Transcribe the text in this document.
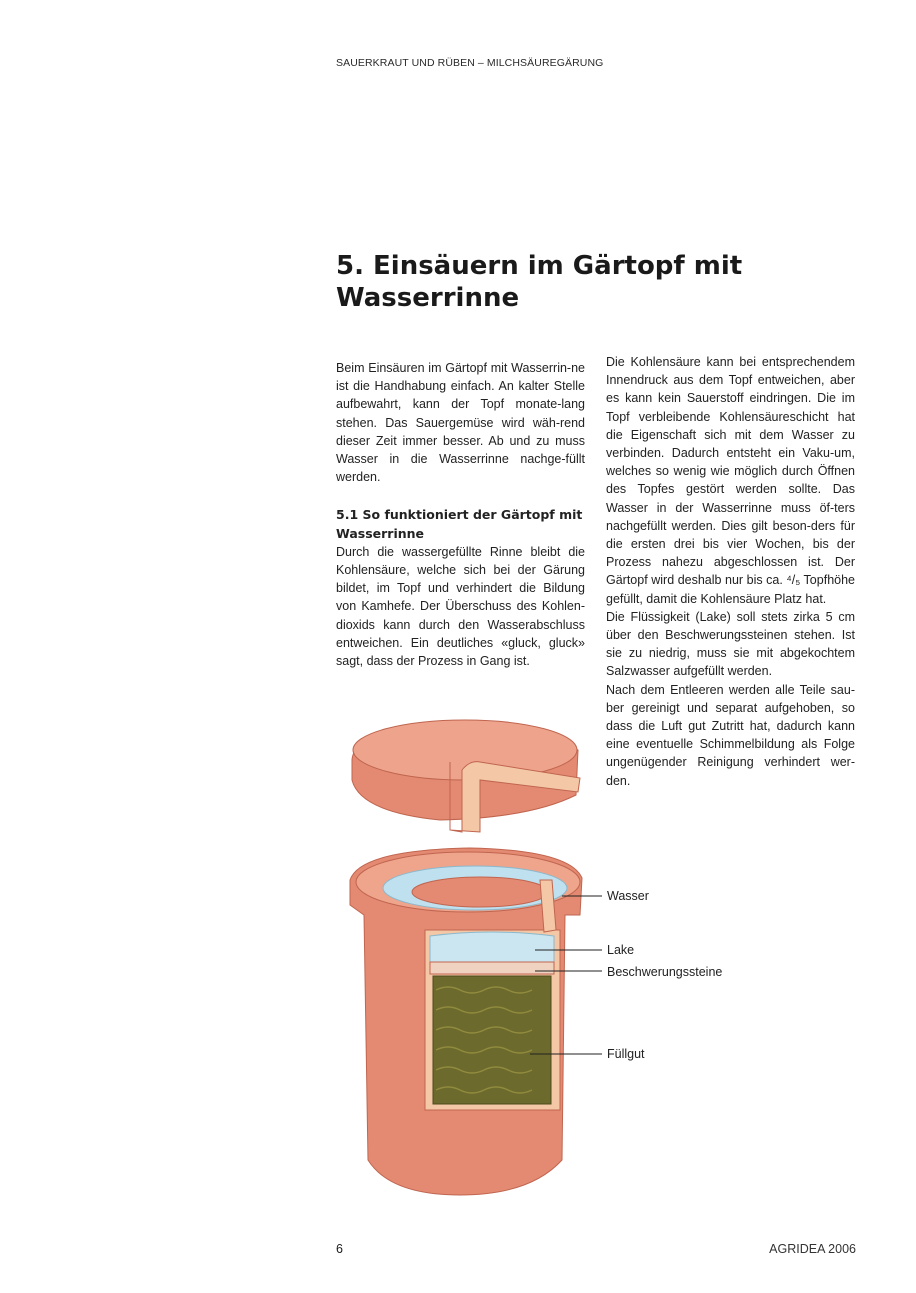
SAUERKRAUT UND RÜBEN – MILCHSÄUREGÄRUNG
5. Einsäuern im Gärtopf mit Wasserrinne

Beim Einsäuren im Gärtopf mit Wasserrin-ne ist die Handhabung einfach. An kalter Stelle aufbewahrt, kann der Topf monate-lang stehen. Das Sauergemüse wird wäh-rend dieser Zeit immer besser. Ab und zu muss Wasser in die Wasserrinne nachge-füllt werden.

5.1 So funktioniert der Gärtopf mit Wasserrinne

Durch die wassergefüllte Rinne bleibt die Kohlensäure, welche sich bei der Gärung bildet, im Topf und verhindert die Bildung von Kamhefe. Der Überschuss des Kohlen-dioxids kann durch den Wasserabschluss entweichen. Ein deutliches «gluck, gluck» sagt, dass der Prozess in Gang ist.

Die Kohlensäure kann bei entsprechendem Innendruck aus dem Topf entweichen, aber es kann kein Sauerstoff eindringen. Die im Topf verbleibende Kohlensäureschicht hat die Eigenschaft sich mit dem Wasser zu verbinden. Dadurch entsteht ein Vaku-um, welches so wenig wie möglich durch Öffnen des Topfes gestört werden sollte. Das Wasser in der Wasserrinne muss öf-ters nachgefüllt werden. Dies gilt beson-ders für die ersten drei bis vier Wochen, bis der Prozess nahezu abgeschlossen ist. Der Gärtopf wird deshalb nur bis ca. ⁴/₅ Topfhöhe gefüllt, damit die Kohlensäure Platz hat.

Die Flüssigkeit (Lake) soll stets zirka 5 cm über den Beschwerungssteinen stehen. Ist sie zu niedrig, muss sie mit abgekochtem Salzwasser aufgefüllt werden.

Nach dem Entleeren werden alle Teile sau-ber gereinigt und separat aufgehoben, so dass die Luft gut Zutritt hat, dadurch kann eine eventuelle Schimmelbildung als Folge ungenügender Reinigung verhindert wer-den.

Wasser
Lake
Beschwerungssteine
Füllgut
6	AGRIDEA 2006
